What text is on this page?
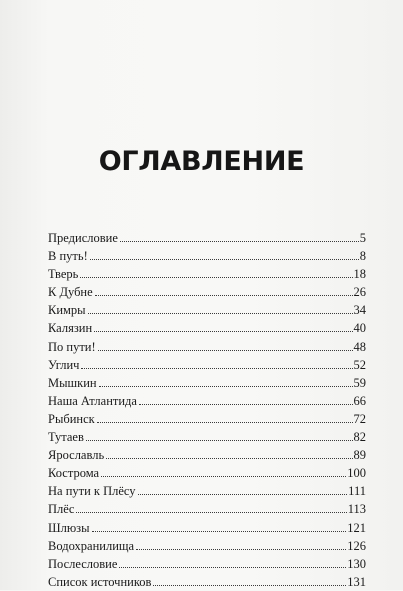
ОГЛАВЛЕНИЕ
Предисловие	5
В путь!	8
Тверь	18
К Дубне	26
Кимры	34
Калязин	40
По пути!	48
Углич	52
Мышкин	59
Наша Атлантида	66
Рыбинск	72
Тутаев	82
Ярославль	89
Кострома	100
На пути к Плёсу	111
Плёс	113
Шлюзы	121
Водохранилища	126
Послесловие	130
Список источников	131
